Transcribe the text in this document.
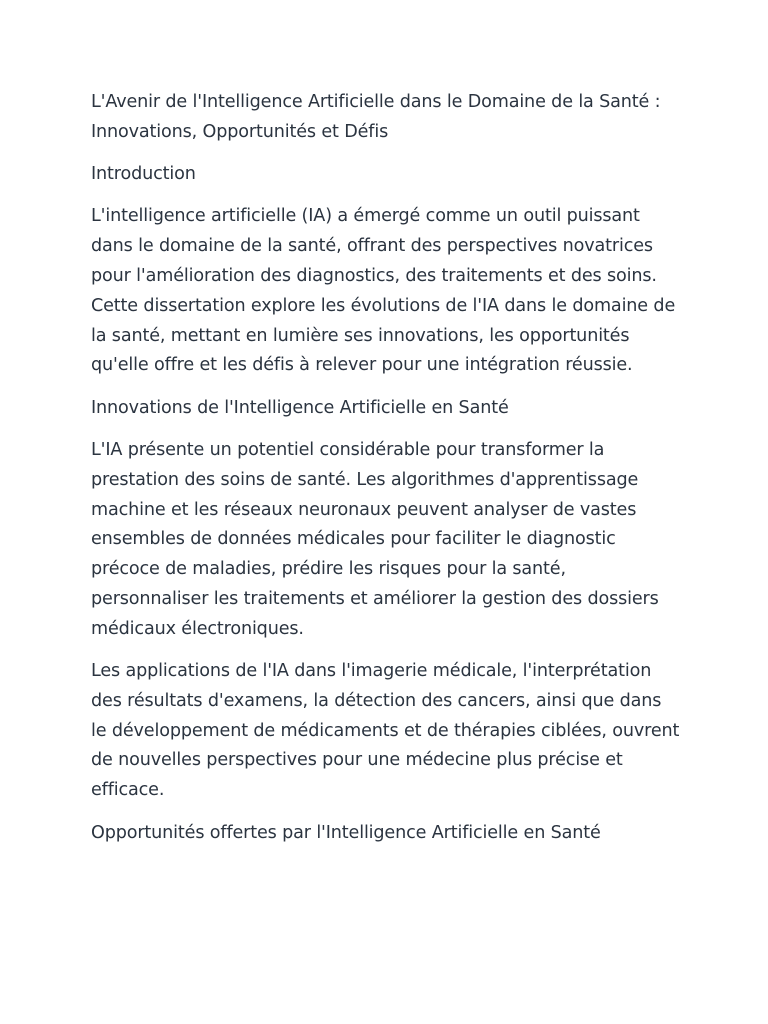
L'Avenir de l'Intelligence Artificielle dans le Domaine de la Santé : Innovations, Opportunités et Défis

Introduction

L'intelligence artificielle (IA) a émergé comme un outil puissant dans le domaine de la santé, offrant des perspectives novatrices pour l'amélioration des diagnostics, des traitements et des soins. Cette dissertation explore les évolutions de l'IA dans le domaine de la santé, mettant en lumière ses innovations, les opportunités qu'elle offre et les défis à relever pour une intégration réussie.

Innovations de l'Intelligence Artificielle en Santé

L'IA présente un potentiel considérable pour transformer la prestation des soins de santé. Les algorithmes d'apprentissage machine et les réseaux neuronaux peuvent analyser de vastes ensembles de données médicales pour faciliter le diagnostic précoce de maladies, prédire les risques pour la santé, personnaliser les traitements et améliorer la gestion des dossiers médicaux électroniques.

Les applications de l'IA dans l'imagerie médicale, l'interprétation des résultats d'examens, la détection des cancers, ainsi que dans le développement de médicaments et de thérapies ciblées, ouvrent de nouvelles perspectives pour une médecine plus précise et efficace.

Opportunités offertes par l'Intelligence Artificielle en Santé
